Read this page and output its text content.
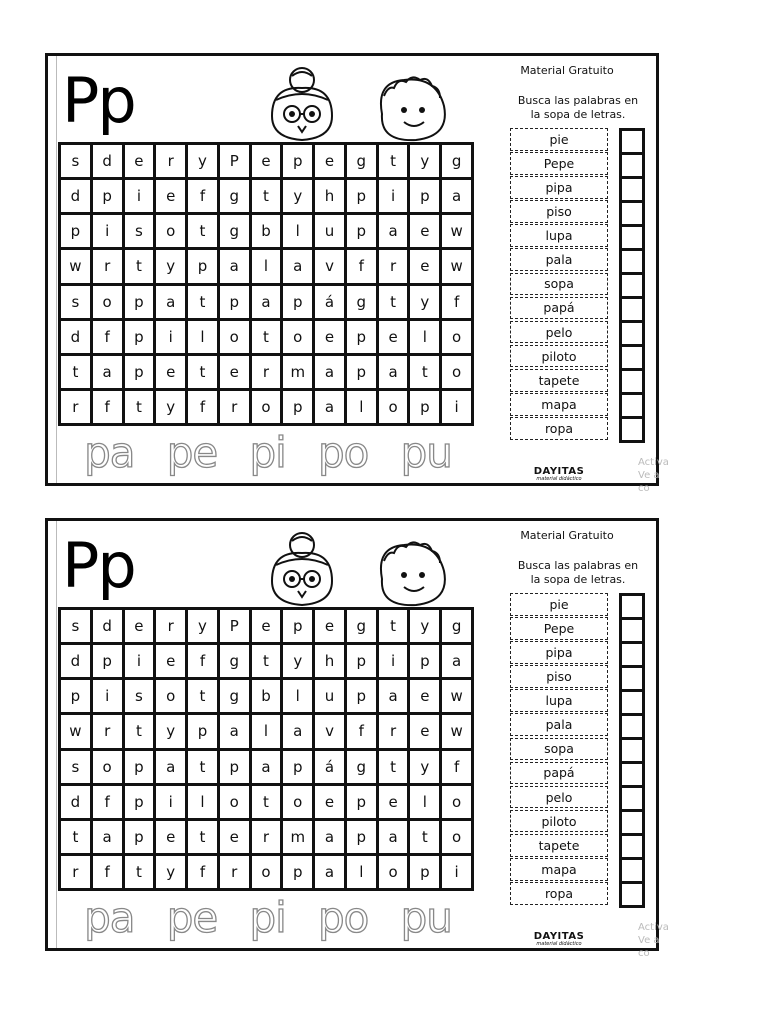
Pp
s	d	e	r	y	P	e	p	e	g	t	y	g
d	p	i	e	f	g	t	y	h	p	i	p	a
p	i	s	o	t	g	b	l	u	p	a	e	w
w	r	t	y	p	a	l	a	v	f	r	e	w
s	o	p	a	t	p	a	p	á	g	t	y	f
d	f	p	i	l	o	t	o	e	p	e	l	o
t	a	p	e	t	e	r	m	a	p	a	t	o
r	f	t	y	f	r	o	p	a	l	o	p	i
pa pe pi po pu
Material Gratuito
Busca las palabras en
la sopa de letras.
pie
Pepe
pipa
piso
lupa
pala
sopa
papá
pelo
piloto
tapete
mapa
ropa
DAYITAS
material didáctico
Activa
Ve a co
Pp
s	d	e	r	y	P	e	p	e	g	t	y	g
d	p	i	e	f	g	t	y	h	p	i	p	a
p	i	s	o	t	g	b	l	u	p	a	e	w
w	r	t	y	p	a	l	a	v	f	r	e	w
s	o	p	a	t	p	a	p	á	g	t	y	f
d	f	p	i	l	o	t	o	e	p	e	l	o
t	a	p	e	t	e	r	m	a	p	a	t	o
r	f	t	y	f	r	o	p	a	l	o	p	i
pa pe pi po pu
Material Gratuito
Busca las palabras en
la sopa de letras.
pie
Pepe
pipa
piso
lupa
pala
sopa
papá
pelo
piloto
tapete
mapa
ropa
DAYITAS
material didáctico
Activa
Ve a co
